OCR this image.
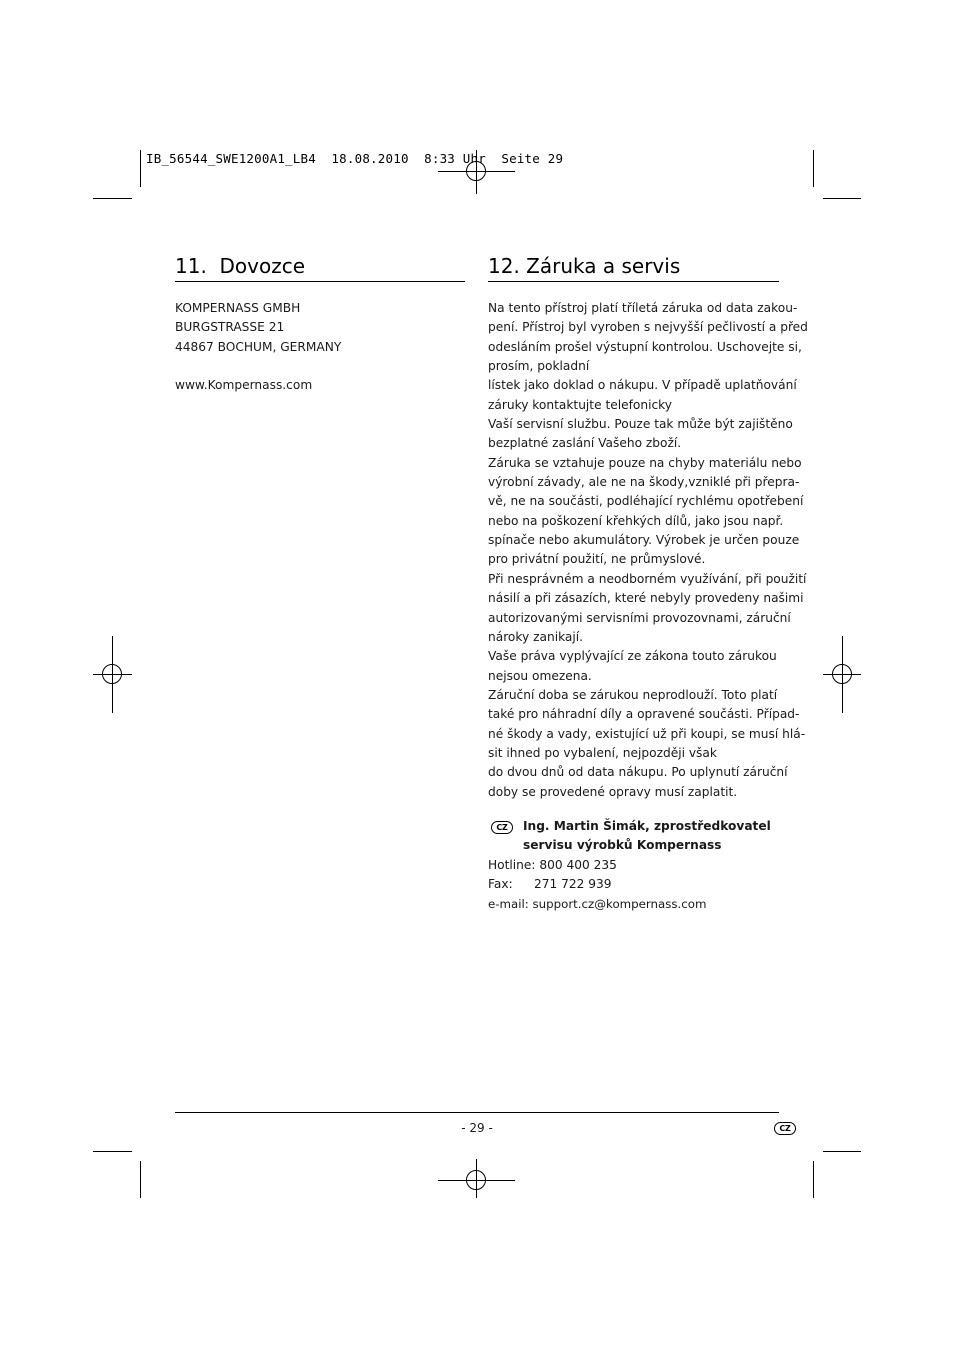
IB_56544_SWE1200A1_LB4  18.08.2010  8:33 Uhr  Seite 29
11.  Dovozce
KOMPERNASS GMBH
BURGSTRASSE 21
44867 BOCHUM, GERMANY
www.Kompernass.com
12. Záruka a servis
Na tento přístroj platí tříletá záruka od data zakou-
pení. Přístroj byl vyroben s nejvyšší pečlivostí a před
odesláním prošel výstupní kontrolou. Uschovejte si,
prosím, pokladní
lístek jako doklad o nákupu. V případě uplatňování
záruky kontaktujte telefonicky
Vaší servisní službu. Pouze tak může být zajištěno
bezplatné zaslání Vašeho zboží.
Záruka se vztahuje pouze na chyby materiálu nebo
výrobní závady, ale ne na škody,vzniklé při přepra-
vě, ne na součásti, podléhající rychlému opotřebení
nebo na poškození křehkých dílů, jako jsou např.
spínače nebo akumulátory. Výrobek je určen pouze
pro privátní použití, ne průmyslové.
Při nesprávném a neodborném využívání, při použití
násilí a při zásazích, které nebyly provedeny našimi
autorizovanými servisními provozovnami, záruční
nároky zanikají.
Vaše práva vyplývající ze zákona touto zárukou
nejsou omezena.
Záruční doba se zárukou neprodlouží. Toto platí
také pro náhradní díly a opravené součásti. Případ-
né škody a vady, existující už při koupi, se musí hlá-
sit ihned po vybalení, nejpozději však
do dvou dnů od data nákupu. Po uplynutí záruční
doby se provedené opravy musí zaplatit.
CZ	Ing. Martin Šimák, zprostředkovatel
servisu výrobků Kompernass
Hotline: 800 400 235
Fax: 271 722 939
e-mail: support.cz@kompernass.com
- 29 -	CZ
